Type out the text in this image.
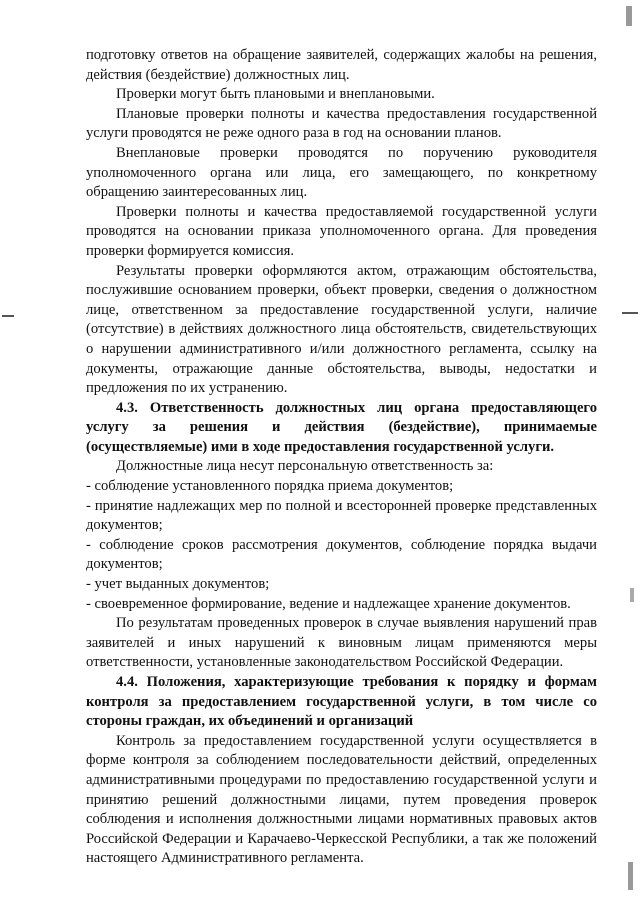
подготовку ответов на обращение заявителей, содержащих жалобы на решения, действия (бездействие) должностных лиц.

Проверки могут быть плановыми и внеплановыми.

Плановые проверки полноты и качества предоставления государственной услуги проводятся не реже одного раза в год на основании планов.

Внеплановые проверки проводятся по поручению руководителя уполномоченного органа или лица, его замещающего, по конкретному обращению заинтересованных лиц.

Проверки полноты и качества предоставляемой государственной услуги проводятся на основании приказа уполномоченного органа. Для проведения проверки формируется комиссия.

Результаты проверки оформляются актом, отражающим обстоятельства, послужившие основанием проверки, объект проверки, сведения о должностном лице, ответственном за предоставление государственной услуги, наличие (отсутствие) в действиях должностного лица обстоятельств, свидетельствующих о нарушении административного и/или должностного регламента, ссылку на документы, отражающие данные обстоятельства, выводы, недостатки и предложения по их устранению.

4.3. Ответственность должностных лиц органа предоставляющего услугу за решения и действия (бездействие), принимаемые (осуществляемые) ими в ходе предоставления государственной услуги.

Должностные лица несут персональную ответственность за:

- соблюдение установленного порядка приема документов;

- принятие надлежащих мер по полной и всесторонней проверке представленных документов;

- соблюдение сроков рассмотрения документов, соблюдение порядка выдачи документов;

- учет выданных документов;

- своевременное формирование, ведение и надлежащее хранение документов.

По результатам проведенных проверок в случае выявления нарушений прав заявителей и иных нарушений к виновным лицам применяются меры ответственности, установленные законодательством Российской Федерации.

4.4. Положения, характеризующие требования к порядку и формам контроля за предоставлением государственной услуги, в том числе со стороны граждан, их объединений и организаций

Контроль за предоставлением государственной услуги осуществляется в форме контроля за соблюдением последовательности действий, определенных административными процедурами по предоставлению государственной услуги и принятию решений должностными лицами, путем проведения проверок соблюдения и исполнения должностными лицами нормативных правовых актов Российской Федерации и Карачаево-Черкесской Республики, а так же положений настоящего Административного регламента.
